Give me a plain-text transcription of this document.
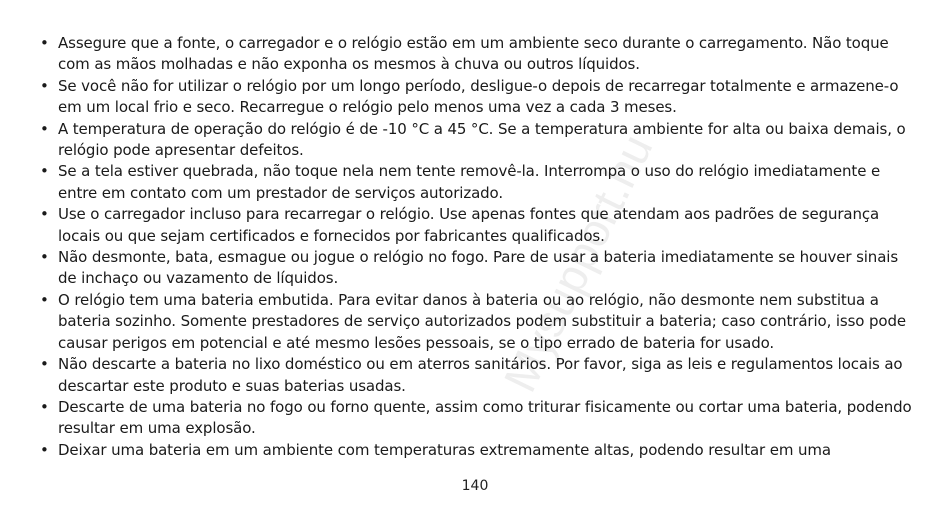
Mysupport.hu
• Assegure que a fonte, o carregador e o relógio estão em um ambiente seco durante o carregamento. Não toque com as mãos molhadas e não exponha os mesmos à chuva ou outros líquidos.
• Se você não for utilizar o relógio por um longo período, desligue-o depois de recarregar totalmente e armazene-o em um local frio e seco. Recarregue o relógio pelo menos uma vez a cada 3 meses.
• A temperatura de operação do relógio é de -10 °C a 45 °C. Se a temperatura ambiente for alta ou baixa demais, o relógio pode apresentar defeitos.
• Se a tela estiver quebrada, não toque nela nem tente removê-la. Interrompa o uso do relógio imediatamente e entre em contato com um prestador de serviços autorizado.
• Use o carregador incluso para recarregar o relógio. Use apenas fontes que atendam aos padrões de segurança locais ou que sejam certificados e fornecidos por fabricantes qualificados.
• Não desmonte, bata, esmague ou jogue o relógio no fogo. Pare de usar a bateria imediatamente se houver sinais de inchaço ou vazamento de líquidos.
• O relógio tem uma bateria embutida. Para evitar danos à bateria ou ao relógio, não desmonte nem substitua a bateria sozinho. Somente prestadores de serviço autorizados podem substituir a bateria; caso contrário, isso pode causar perigos em potencial e até mesmo lesões pessoais, se o tipo errado de bateria for usado.
• Não descarte a bateria no lixo doméstico ou em aterros sanitários. Por favor, siga as leis e regulamentos locais ao descartar este produto e suas baterias usadas.
• Descarte de uma bateria no fogo ou forno quente, assim como triturar fisicamente ou cortar uma bateria, podendo resultar em uma explosão.
• Deixar uma bateria em um ambiente com temperaturas extremamente altas, podendo resultar em uma
140
